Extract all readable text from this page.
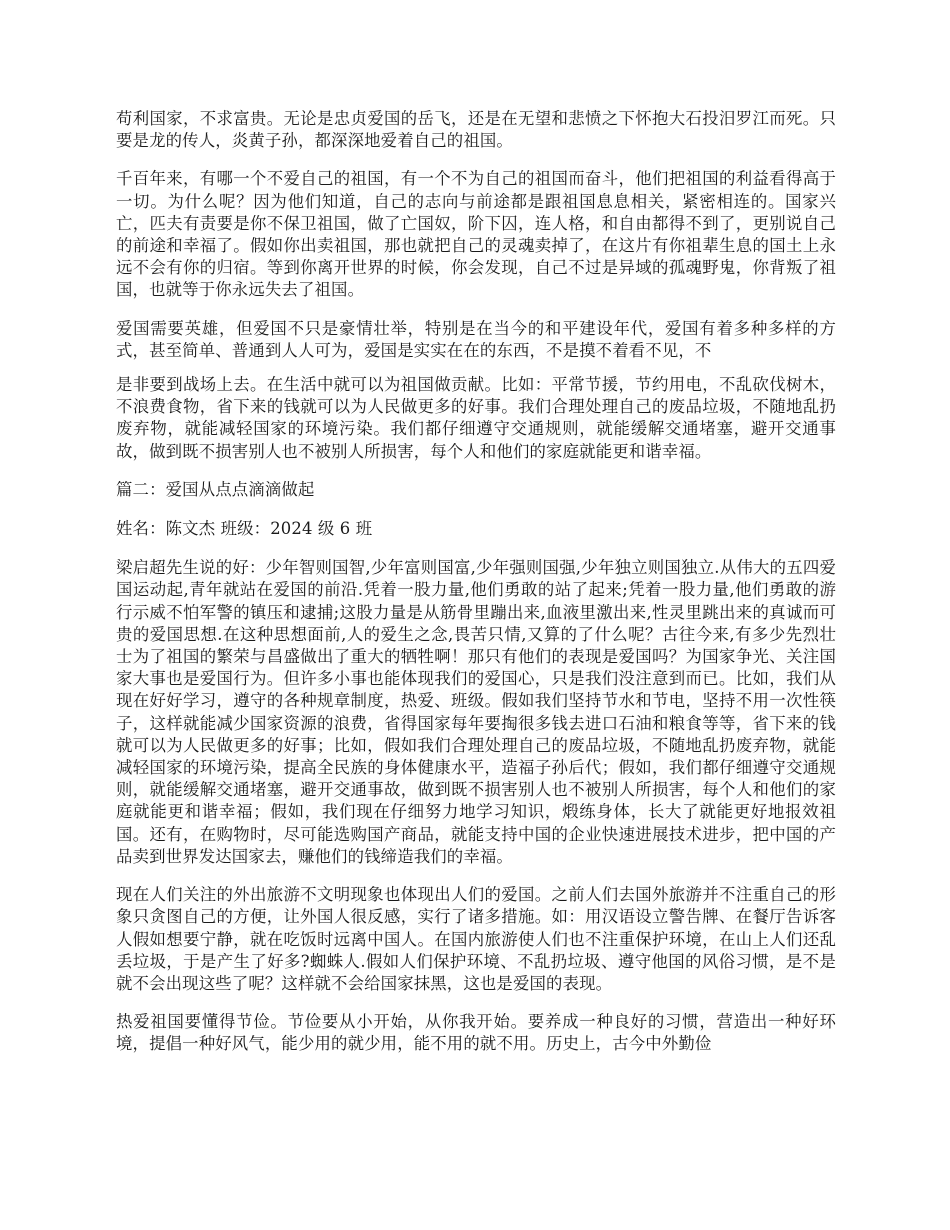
苟利国家，不求富贵。无论是忠贞爱国的岳飞，还是在无望和悲愤之下怀抱大石投汨罗江而死。只要是龙的传人，炎黄子孙，都深深地爱着自己的祖国。

千百年来，有哪一个不爱自己的祖国，有一个不为自己的祖国而奋斗，他们把祖国的利益看得高于一切。为什么呢？因为他们知道，自己的志向与前途都是跟祖国息息相关，紧密相连的。国家兴亡，匹夫有责要是你不保卫祖国，做了亡国奴，阶下囚，连人格，和自由都得不到了，更别说自己的前途和幸福了。假如你出卖祖国，那也就把自己的灵魂卖掉了，在这片有你祖辈生息的国土上永远不会有你的归宿。等到你离开世界的时候，你会发现，自己不过是异域的孤魂野鬼，你背叛了祖国，也就等于你永远失去了祖国。

爱国需要英雄，但爱国不只是豪情壮举，特别是在当今的和平建设年代，爱国有着多种多样的方式，甚至简单、普通到人人可为，爱国是实实在在的东西，不是摸不着看不见，不

是非要到战场上去。在生活中就可以为祖国做贡献。比如：平常节援，节约用电，不乱砍伐树木，不浪费食物，省下来的钱就可以为人民做更多的好事。我们合理处理自己的废品垃圾，不随地乱扔废弃物，就能减轻国家的环境污染。我们都仔细遵守交通规则，就能缓解交通堵塞，避开交通事故，做到既不损害别人也不被别人所损害，每个人和他们的家庭就能更和谐幸福。

篇二：爱国从点点滴滴做起

姓名：陈文杰 班级：2024 级 6 班

梁启超先生说的好：少年智则国智,少年富则国富,少年强则国强,少年独立则国独立.从伟大的五四爱国运动起,青年就站在爱国的前沿.凭着一股力量,他们勇敢的站了起来;凭着一股力量,他们勇敢的游行示威不怕军警的镇压和逮捕;这股力量是从筋骨里蹦出来,血液里激出来,性灵里跳出来的真诚而可贵的爱国思想.在这种思想面前,人的爱生之念,畏苦只情,又算的了什么呢？古往今来,有多少先烈壮士为了祖国的繁荣与昌盛做出了重大的牺牲啊！那只有他们的表现是爱国吗？为国家争光、关注国家大事也是爱国行为。但许多小事也能体现我们的爱国心，只是我们没注意到而已。比如，我们从现在好好学习，遵守的各种规章制度，热爱、班级。假如我们坚持节水和节电，坚持不用一次性筷子，这样就能减少国家资源的浪费，省得国家每年要掏很多钱去进口石油和粮食等等，省下来的钱就可以为人民做更多的好事；比如，假如我们合理处理自己的废品垃圾，不随地乱扔废弃物，就能减轻国家的环境污染，提高全民族的身体健康水平，造福子孙后代；假如，我们都仔细遵守交通规则，就能缓解交通堵塞，避开交通事故，做到既不损害别人也不被别人所损害，每个人和他们的家庭就能更和谐幸福；假如，我们现在仔细努力地学习知识，煅练身体，长大了就能更好地报效祖国。还有，在购物时，尽可能选购国产商品，就能支持中国的企业快速进展技术进步，把中国的产品卖到世界发达国家去，赚他们的钱缔造我们的幸福。

现在人们关注的外出旅游不文明现象也体现出人们的爱国。之前人们去国外旅游并不注重自己的形象只贪图自己的方便，让外国人很反感，实行了诸多措施。如：用汉语设立警告牌、在餐厅告诉客人假如想要宁静，就在吃饭时远离中国人。在国内旅游使人们也不注重保护环境，在山上人们还乱丢垃圾，于是产生了好多?蜘蛛人.假如人们保护环境、不乱扔垃圾、遵守他国的风俗习惯，是不是就不会出现这些了呢？这样就不会给国家抹黑，这也是爱国的表现。

热爱祖国要懂得节俭。节俭要从小开始，从你我开始。要养成一种良好的习惯，营造出一种好环境，提倡一种好风气，能少用的就少用，能不用的就不用。历史上，古今中外勤俭
